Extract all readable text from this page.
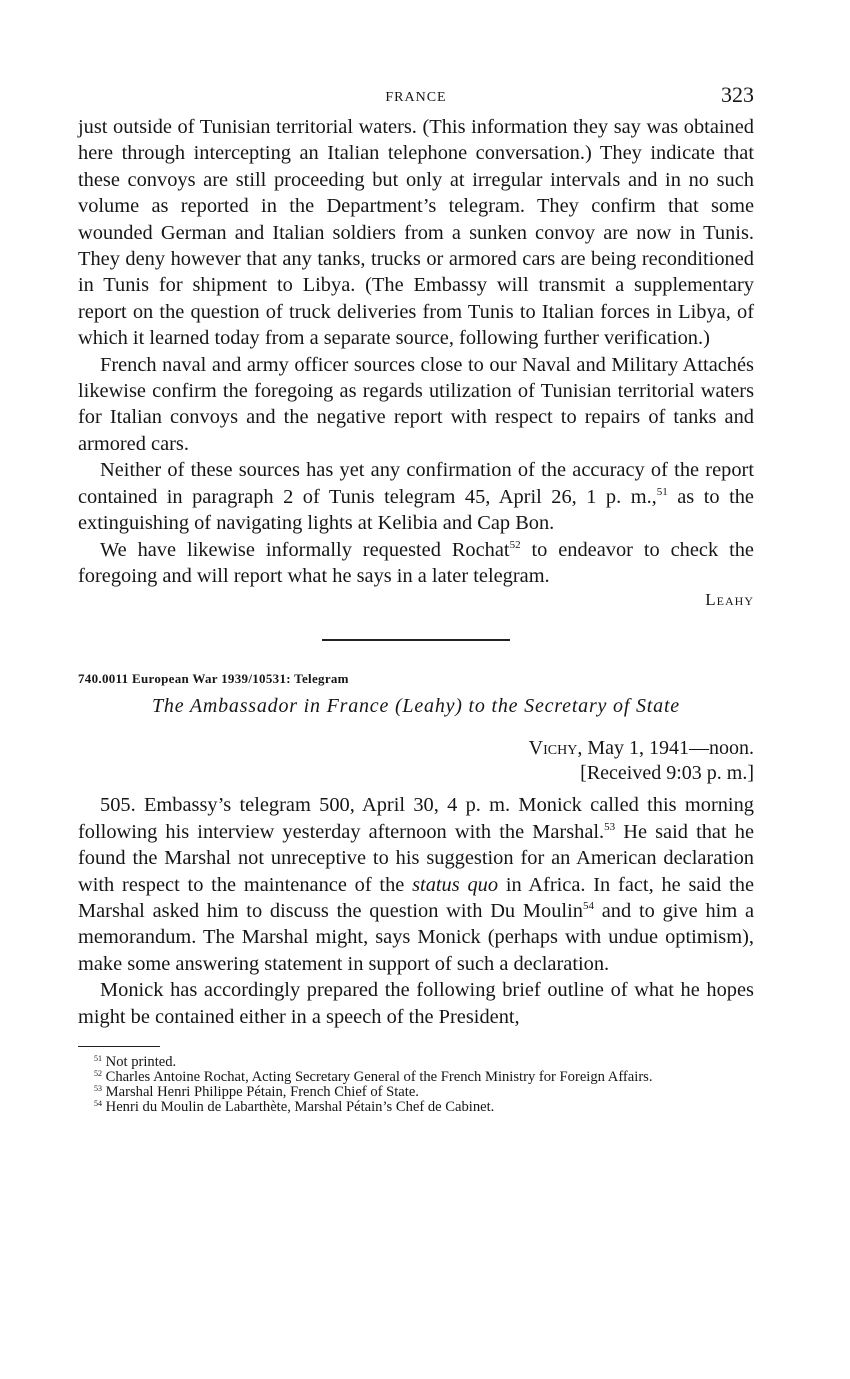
FRANCE	323

just outside of Tunisian territorial waters. (This information they say was obtained here through intercepting an Italian telephone conversation.) They indicate that these convoys are still proceeding but only at irregular intervals and in no such volume as reported in the Department’s telegram. They confirm that some wounded German and Italian soldiers from a sunken convoy are now in Tunis. They deny however that any tanks, trucks or armored cars are being reconditioned in Tunis for shipment to Libya. (The Embassy will transmit a supplementary report on the question of truck deliveries from Tunis to Italian forces in Libya, of which it learned today from a separate source, following further verification.)

French naval and army officer sources close to our Naval and Military Attachés likewise confirm the foregoing as regards utilization of Tunisian territorial waters for Italian convoys and the negative report with respect to repairs of tanks and armored cars.

Neither of these sources has yet any confirmation of the accuracy of the report contained in paragraph 2 of Tunis telegram 45, April 26, 1 p. m.,$^{51}$ as to the extinguishing of navigating lights at Kelibia and Cap Bon.

We have likewise informally requested Rochat$^{52}$ to endeavor to check the foregoing and will report what he says in a later telegram.

Leahy
740.0011 European War 1939/10531: Telegram
The Ambassador in France (Leahy) to the Secretary of State
Vichy, May 1, 1941—noon.
[Received 9:03 p. m.]

505. Embassy’s telegram 500, April 30, 4 p. m. Monick called this morning following his interview yesterday afternoon with the Marshal.$^{53}$ He said that he found the Marshal not unreceptive to his suggestion for an American declaration with respect to the maintenance of the status quo in Africa. In fact, he said the Marshal asked him to discuss the question with Du Moulin$^{54}$ and to give him a memorandum. The Marshal might, says Monick (perhaps with undue optimism), make some answering statement in support of such a declaration.

Monick has accordingly prepared the following brief outline of what he hopes might be contained either in a speech of the President,

51 Not printed.
52 Charles Antoine Rochat, Acting Secretary General of the French Ministry for Foreign Affairs.
53 Marshal Henri Philippe Pétain, French Chief of State.
54 Henri du Moulin de Labarthète, Marshal Pétain’s Chef de Cabinet.
